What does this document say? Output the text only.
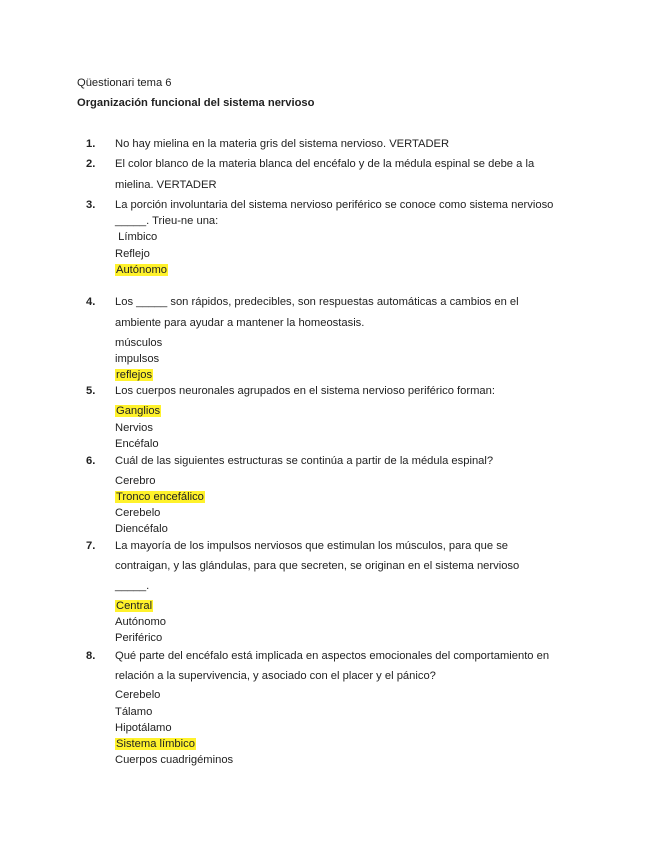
Qüestionari tema 6
Organización funcional del sistema nervioso
1. No hay mielina en la materia gris del sistema nervioso. VERTADER
2. El color blanco de la materia blanca del encéfalo y de la médula espinal se debe a la
mielina. VERTADER
3. La porción involuntaria del sistema nervioso periférico se conoce como sistema nervioso
_____. Trieu-ne una:
Límbico
Reflejo
Autónomo
4. Los _____ son rápidos, predecibles, son respuestas automáticas a cambios en el
ambiente para ayudar a mantener la homeostasis.
músculos
impulsos
reflejos
5. Los cuerpos neuronales agrupados en el sistema nervioso periférico forman:
Ganglios
Nervios
Encéfalo
6. Cuál de las siguientes estructuras se continúa a partir de la médula espinal?
Cerebro
Tronco encefálico
Cerebelo
Diencéfalo
7. La mayoría de los impulsos nerviosos que estimulan los músculos, para que se
contraigan, y las glándulas, para que secreten, se originan en el sistema nervioso
_____.
Central
Autónomo
Periférico
8. Qué parte del encéfalo está implicada en aspectos emocionales del comportamiento en
relación a la supervivencia, y asociado con el placer y el pánico?
Cerebelo
Tálamo
Hipotálamo
Sistema límbico
Cuerpos cuadrigéminos
